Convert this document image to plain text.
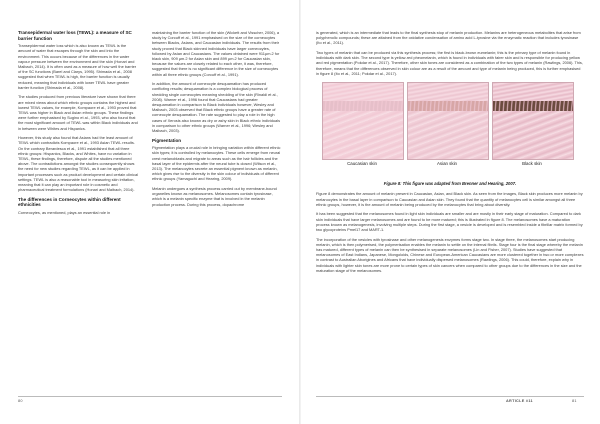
Transepidermal water loss (TEWL): a measure of SC barrier function

Transepidermal water loss which is also known as TEWL is the amount of water that escapes through the skin and into the environment. This occurs because of the differences in the water vapour pressure between the environment and the skin (Honari and Maibach, 2014). It is often used as a measure of how well the barrier of the SC functions (Barel and Clarys, 1995). Shimada et al., 2008 suggested that when TEWL is high, the barrier function is usually reduced, meaning that individuals with lower TEWL have greater barrier function (Shimada et al., 2008).

The studies produced from previous literature have shown that there are mixed views about which ethnic groups contains the highest and lowest TEWL values, for example, Kompaore et al., 1993 proved that TEWL was higher in Black and Asian ethnic groups. These findings were further emphasised by Sugino et al., 1993, who also found that the most significant amount of TEWL was within Black individuals and in between were Whites and Hispanics.

However, this study also found that Asians had the least amount of TEWL which contradicts Kompaore et al., 1993 Asian TEWL results. On the contrary Berardesca et al., 1991 established that all three ethnic groups: Hispanics, Blacks, and Whites, have no variation in TEWL, these findings, therefore, dispute all the studies mentioned above. The contradictions amongst the studies consequently shows the need for new studies regarding TEWL, as it can be applied in important processes such as product development and certain clinical settings. TEWL is also a reasonable tool in measuring skin irritation, meaning that it can play an important role in cosmetic and pharmaceutical treatment formulations (Honari and Maibach, 2014).

The differences in Corneocytes within different ethnicities

Corneocytes, as mentioned, plays an essential role in

maintaining the barrier function of the skin (Wickett and Visscher, 2006), a study by Corcuff et al., 1991 emphasised on the size of the corneocytes between Blacks, Asians, and Caucasian individuals. The results from their study proved that Black skinned individuals have larger corneocytes, followed by Asian and Caucasians. The values obtained were 911µm.2 for black skin, 909 µm.2 for Asian skin and 899 µm.2 for Caucasian skin, because the values are closely related to each other, it was, therefore, suggested that there is no significant difference in the size of corneocytes within all three ethnic groups (Corcuff et al., 1991).

In addition, the amount of corneocyte desquamation has produced conflicting results; desquamation is a complex biological process of shedding single corneocytes meaning shedding of the skin (Rinaldi et al., 2008). Warner et al., 1996 found that Caucasians had greater desquamation in comparison to Black individuals however, Wesley and Maibach, 2003 observed that Black ethnic groups have a greater rate of corneocyte desquamation. The rate suggested to play a role in the high cases of Xerosis also known as dry or ashy skin in Black ethnic individuals in comparison to other ethnic groups (Warner et al., 1996; Wesley and Maibach, 2003).

Pigmentation

Pigmentation plays a crucial role in bringing variation within different ethnic skin types; it is controlled by melanocytes. These cells emerge from neural crest melanoblasts and migrate to areas such as the hair follicles and the basal layer of the epidermis after the neural tube is closed (Wilson et al., 2013). The melanocytes secrete an essential pigment known as melanin, which gives rise to the diversity in the skin colour of individuals of different ethnic groups (Yamaguchi and Hearing, 2009).

Melanin undergoes a synthesis process carried out by membrane-bound organelles known as melanosomes. Melanosomes contain tyrosinase, which is a melanin specific enzyme that is involved in the melanin production process. During this process, dopachrome

is generated, which is an intermediate that leads to the final synthesis stop of melanin production. Melanins are heterogeneous metabolites that arise from polyphenolic compounds; these are attained from the oxidative condensation of amino acid L-tyrosine via the enzymatic reaction that includes tyrosinase (Ito et al., 2011).

Two types of melanin that can be produced via this synthesis process; the first is black-brown eumelanin; this is the primary type of melanin found in individuals with dark skin. The second type is yellow-red pheomelanin, which is found in individuals with fairer skin and is responsible for producing yellow and red pigmentation (Pokdar et al., 2017). Therefore, other skin tones are considered as a combination of the two types of melanin (Rawlings, 2006). This, therefore, means that the differences observed in skin colour are as a result of the amount and type of melanin being produced, this is further emphasised in figure 8 (Ito et al., 2011; Pokdar et al., 2017).

Caucasian skin	Asian skin	Black skin
Figure 8: This figure was adapted from Brenner and Hearing, 2007.

Figure 8 demonstrates the amount of melanin present in Caucasian, Asian, and Black skin. As seen from the images, Black skin produces more melanin by melanocytes in the basal layer in comparison to Caucasian and Asian skin. They found that the quantity of melanocytes cell is similar amongst all three ethnic groups, however, it is the amount of melanin being produced by the melanocytes that bring about diversity.

It has been suggested that the melanosomes found in light skin individuals are smaller and are mostly in their early stage of maturation. Compared to dark skin individuals that have larger melanosomes and are found to be more matured; this is illustrated in figure 8. The melanosomes have a maturation process known as melanogenesis, involving multiple steps. During the first stage, a vesicle is developed and is resembled inside a fibrillar matrix formed by two glycoproteins Pmel17 and MART-1.

The incorporation of the vesicles with tyrosinase and other melanogenesis enzymes forms stage two. In stage three, the melanosomes start producing melanin, which is then polymerised, the polymerisation enables the melanin to settle on the internal fibrils. Stage four is the final stage whereby the melanin has matured, different types of melanin can then be synthesised in separate melanosomes (Lin and Fisher, 2007). Studies have suggested that melanosomes of East Indians, Japanese, Mongoloids, Chinese and European-American Caucasians are more clustered together in two or more complexes in contrast to Australian Aborigines and Africans that have individually dispersed melanosomes (Rawlings, 2006). This could, therefore, explain why in individuals with lighter skin tones are more prone to certain types of skin cancers when compared to other groups due to the differences in the size and the maturation stage of the melanosomes.

80	ARTICLE #11	81
